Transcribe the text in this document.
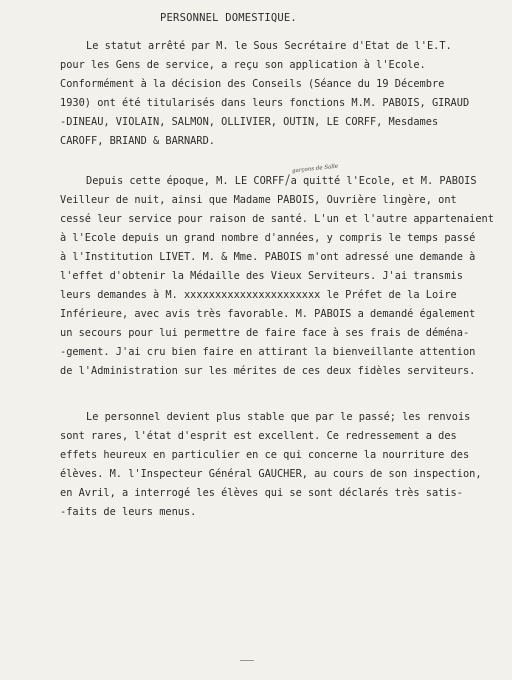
PERSONNEL DOMESTIQUE.
garçons de Salle
Le statut arrêté par M. le Sous Secrétaire d'Etat de l'E.T.
pour les Gens de service, a reçu son application à l'Ecole.
Conformément à la décision des Conseils (Séance du 19 Décembre
1930) ont été titularisés dans leurs fonctions M.M. PABOIS, GIRAUD
-DINEAU, VIOLAIN, SALMON, OLLIVIER, OUTIN, LE CORFF, Mesdames
CAROFF, BRIAND & BARNARD.
Depuis cette époque, M. LE CORFF a quitté l'Ecole, et M. PABOIS
Veilleur de nuit, ainsi que Madame PABOIS, Ouvrière lingère, ont
cessé leur service pour raison de santé. L'un et l'autre appartenaient
à l'Ecole depuis un grand nombre d'années, y compris le temps passé
à l'Institution LIVET. M. & Mme. PABOIS m'ont adressé une demande à
l'effet d'obtenir la Médaille des Vieux Serviteurs. J'ai transmis
leurs demandes à M. xxxxxxxxxxxxxxxxxxxxxx le Préfet de la Loire
Inférieure, avec avis très favorable. M. PABOIS a demandé également
un secours pour lui permettre de faire face à ses frais de déména-
-gement. J'ai cru bien faire en attirant la bienveillante attention
de l'Administration sur les mérites de ces deux fidèles serviteurs.
Le personnel devient plus stable que par le passé; les renvois
sont rares, l'état d'esprit est excellent. Ce redressement a des
effets heureux en particulier en ce qui concerne la nourriture des
élèves. M. l'Inspecteur Général GAUCHER, au cours de son inspection,
en Avril, a interrogé les élèves qui se sont déclarés très satis-
-faits de leurs menus.
